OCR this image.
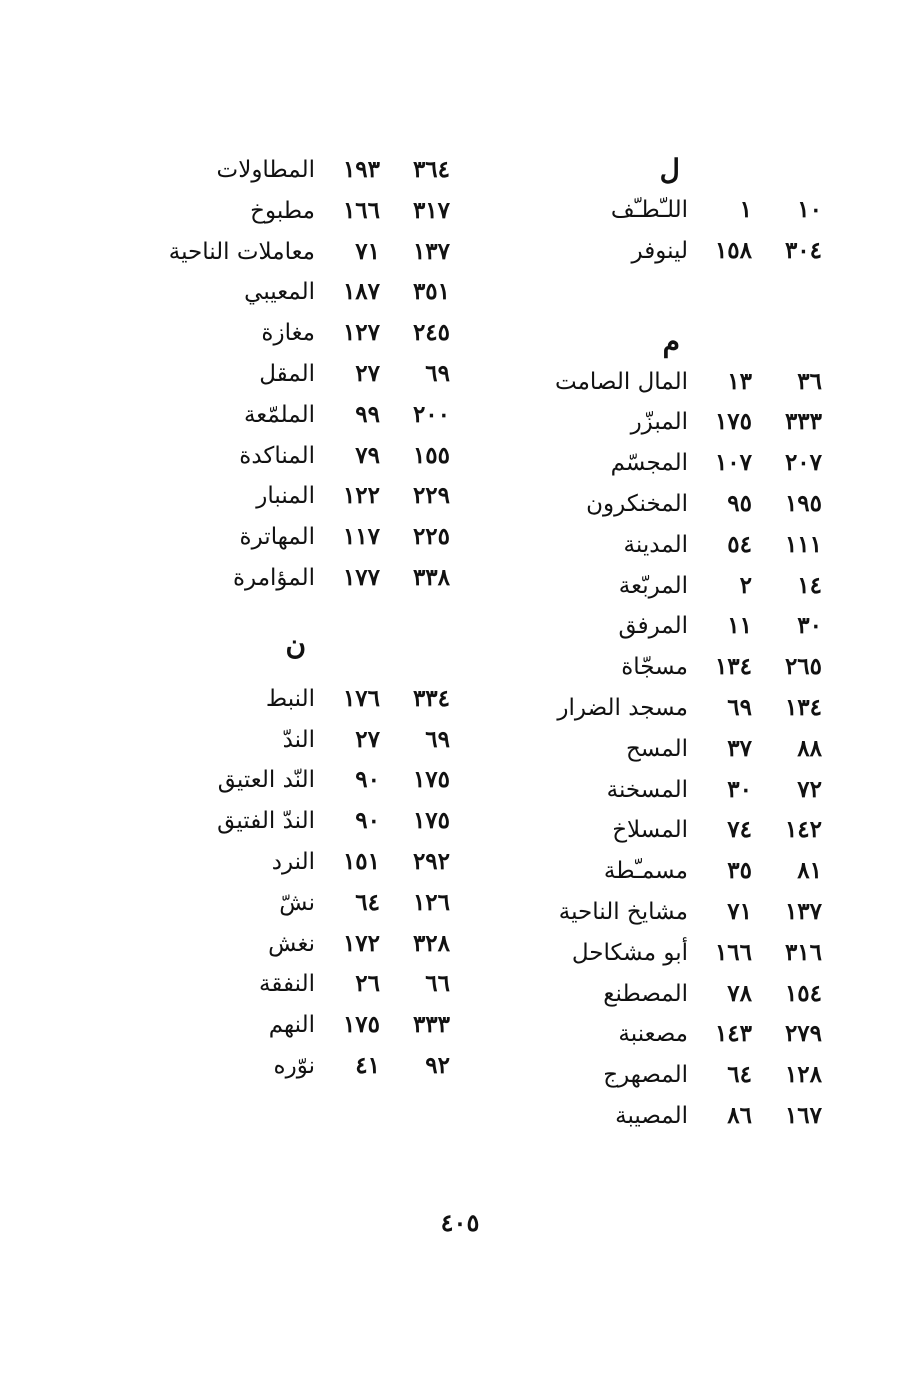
ل
١٠
١
اللـّطـّف
٣٠٤
١٥٨
لينوفر
م
٣٦
١٣
المال الصامت
٣٣٣
١٧٥
المبزّر
٢٠٧
١٠٧
المجسّم
١٩٥
٩٥
المخنكرون
١١١
٥٤
المدينة
١٤
٢
المربّعة
٣٠
١١
المرفق
٢٦٥
١٣٤
مسجّاة
١٣٤
٦٩
مسجد الضرار
٨٨
٣٧
المسح
٧٢
٣٠
المسخنة
١٤٢
٧٤
المسلاخ
٨١
٣٥
مسمـّطة
١٣٧
٧١
مشايخ الناحية
٣١٦
١٦٦
أبو مشكاحل
١٥٤
٧٨
المصطنع
٢٧٩
١٤٣
مصعنبة
١٢٨
٦٤
المصهرج
١٦٧
٨٦
المصيبة
٣٦٤
١٩٣
المطاولات
٣١٧
١٦٦
مطبوخ
١٣٧
٧١
معاملات الناحية
٣٥١
١٨٧
المعيبي
٢٤٥
١٢٧
مغازة
٦٩
٢٧
المقل
٢٠٠
٩٩
الملمّعة
١٥٥
٧٩
المناكدة
٢٢٩
١٢٢
المنبار
٢٢٥
١١٧
المهاترة
٣٣٨
١٧٧
المؤامرة
ن
٣٣٤
١٧٦
النبط
٦٩
٢٧
الندّ
١٧٥
٩٠
النّد العتيق
١٧٥
٩٠
الندّ الفتيق
٢٩٢
١٥١
النرد
١٢٦
٦٤
نشّ
٣٢٨
١٧٢
نغش
٦٦
٢٦
النفقة
٣٣٣
١٧٥
النهم
٩٢
٤١
نوّره
٤٠٥
